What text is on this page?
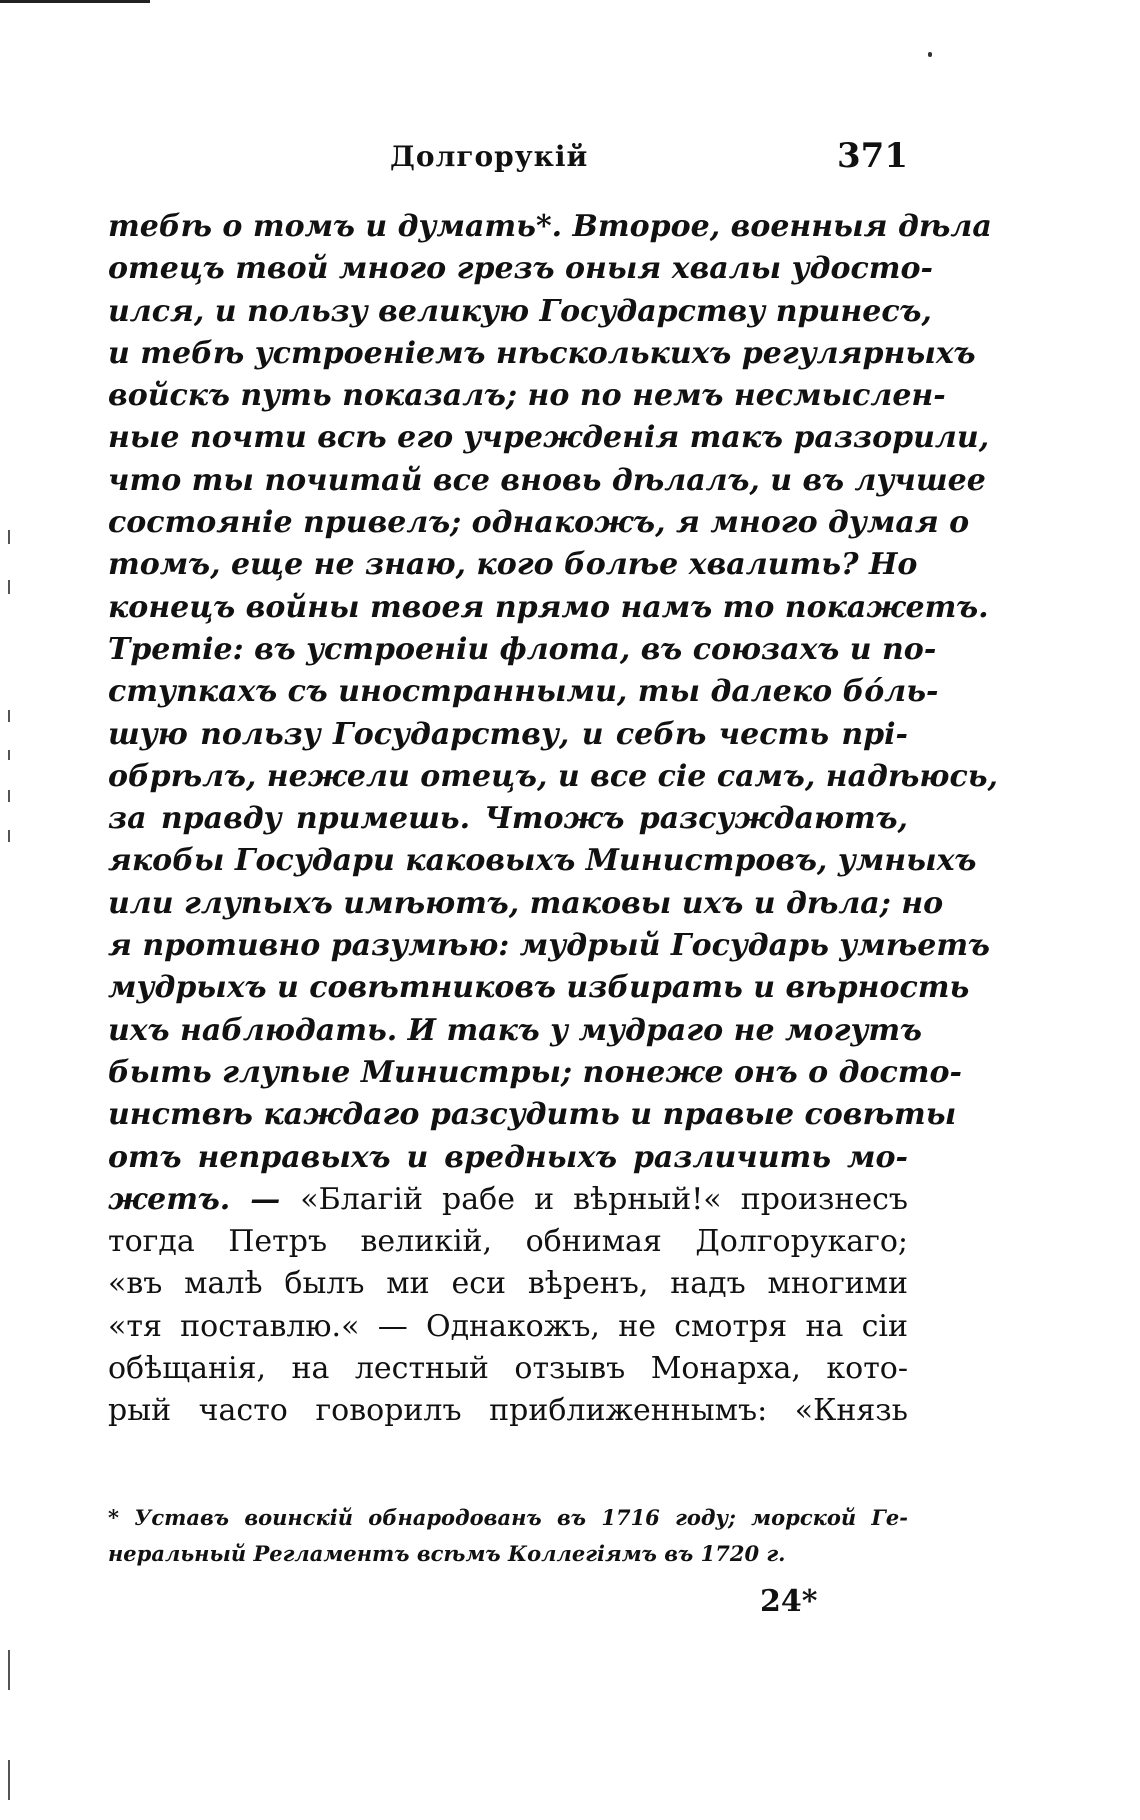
Долгорукій	371
тебѣ о томъ и думать*. Второе, военныя дѣла
отецъ твой много грезъ оныя хвалы удосто-
ился, и пользу великую Государству принесъ,
и тебѣ устроеніемъ нѣсколькихъ регулярныхъ
войскъ путь показалъ; но по немъ несмыслен-
ные почти всѣ его учрежденія такъ раззорили,
что ты почитай все вновь дѣлалъ, и въ лучшее
состояніе привелъ; однакожъ, я много думая о
томъ, еще не знаю, кого болѣе хвалить? Но
конецъ войны твоея прямо намъ то покажетъ.
Третіе: въ устроеніи флота, въ союзахъ и по-
ступкахъ съ иностранными, ты далеко бóль-
шую пользу Государству, и себѣ честь прі-
обрѣлъ, нежели отецъ, и все сіе самъ, надѣюсь,
за правду примешь. Чтожъ разсуждаютъ,
якобы Государи каковыхъ Министровъ, умныхъ
или глупыхъ имѣютъ, таковы ихъ и дѣла; но
я противно разумѣю: мудрый Государь умѣетъ
мудрыхъ и совѣтниковъ избирать и вѣрность
ихъ наблюдать. И такъ у мудраго не могутъ
быть глупые Министры; понеже онъ о досто-
инствѣ каждаго разсудить и правые совѣты
отъ неправыхъ и вредныхъ различить мо-
жетъ. — «Благій рабе и вѣрный!« произнесъ
тогда Петръ великій, обнимая Долгорукаго;
«въ малѣ былъ ми еси вѣренъ, надъ многими
«тя поставлю.« — Однакожъ, не смотря на сіи
обѣщанія, на лестный отзывъ Монарха, кото-
рый часто говорилъ приближеннымъ: «Князь
* Уставъ воинскій обнародованъ въ 1716 году; морской Ге-
неральный Регламентъ всѣмъ Коллегіямъ въ 1720 г.
24*
